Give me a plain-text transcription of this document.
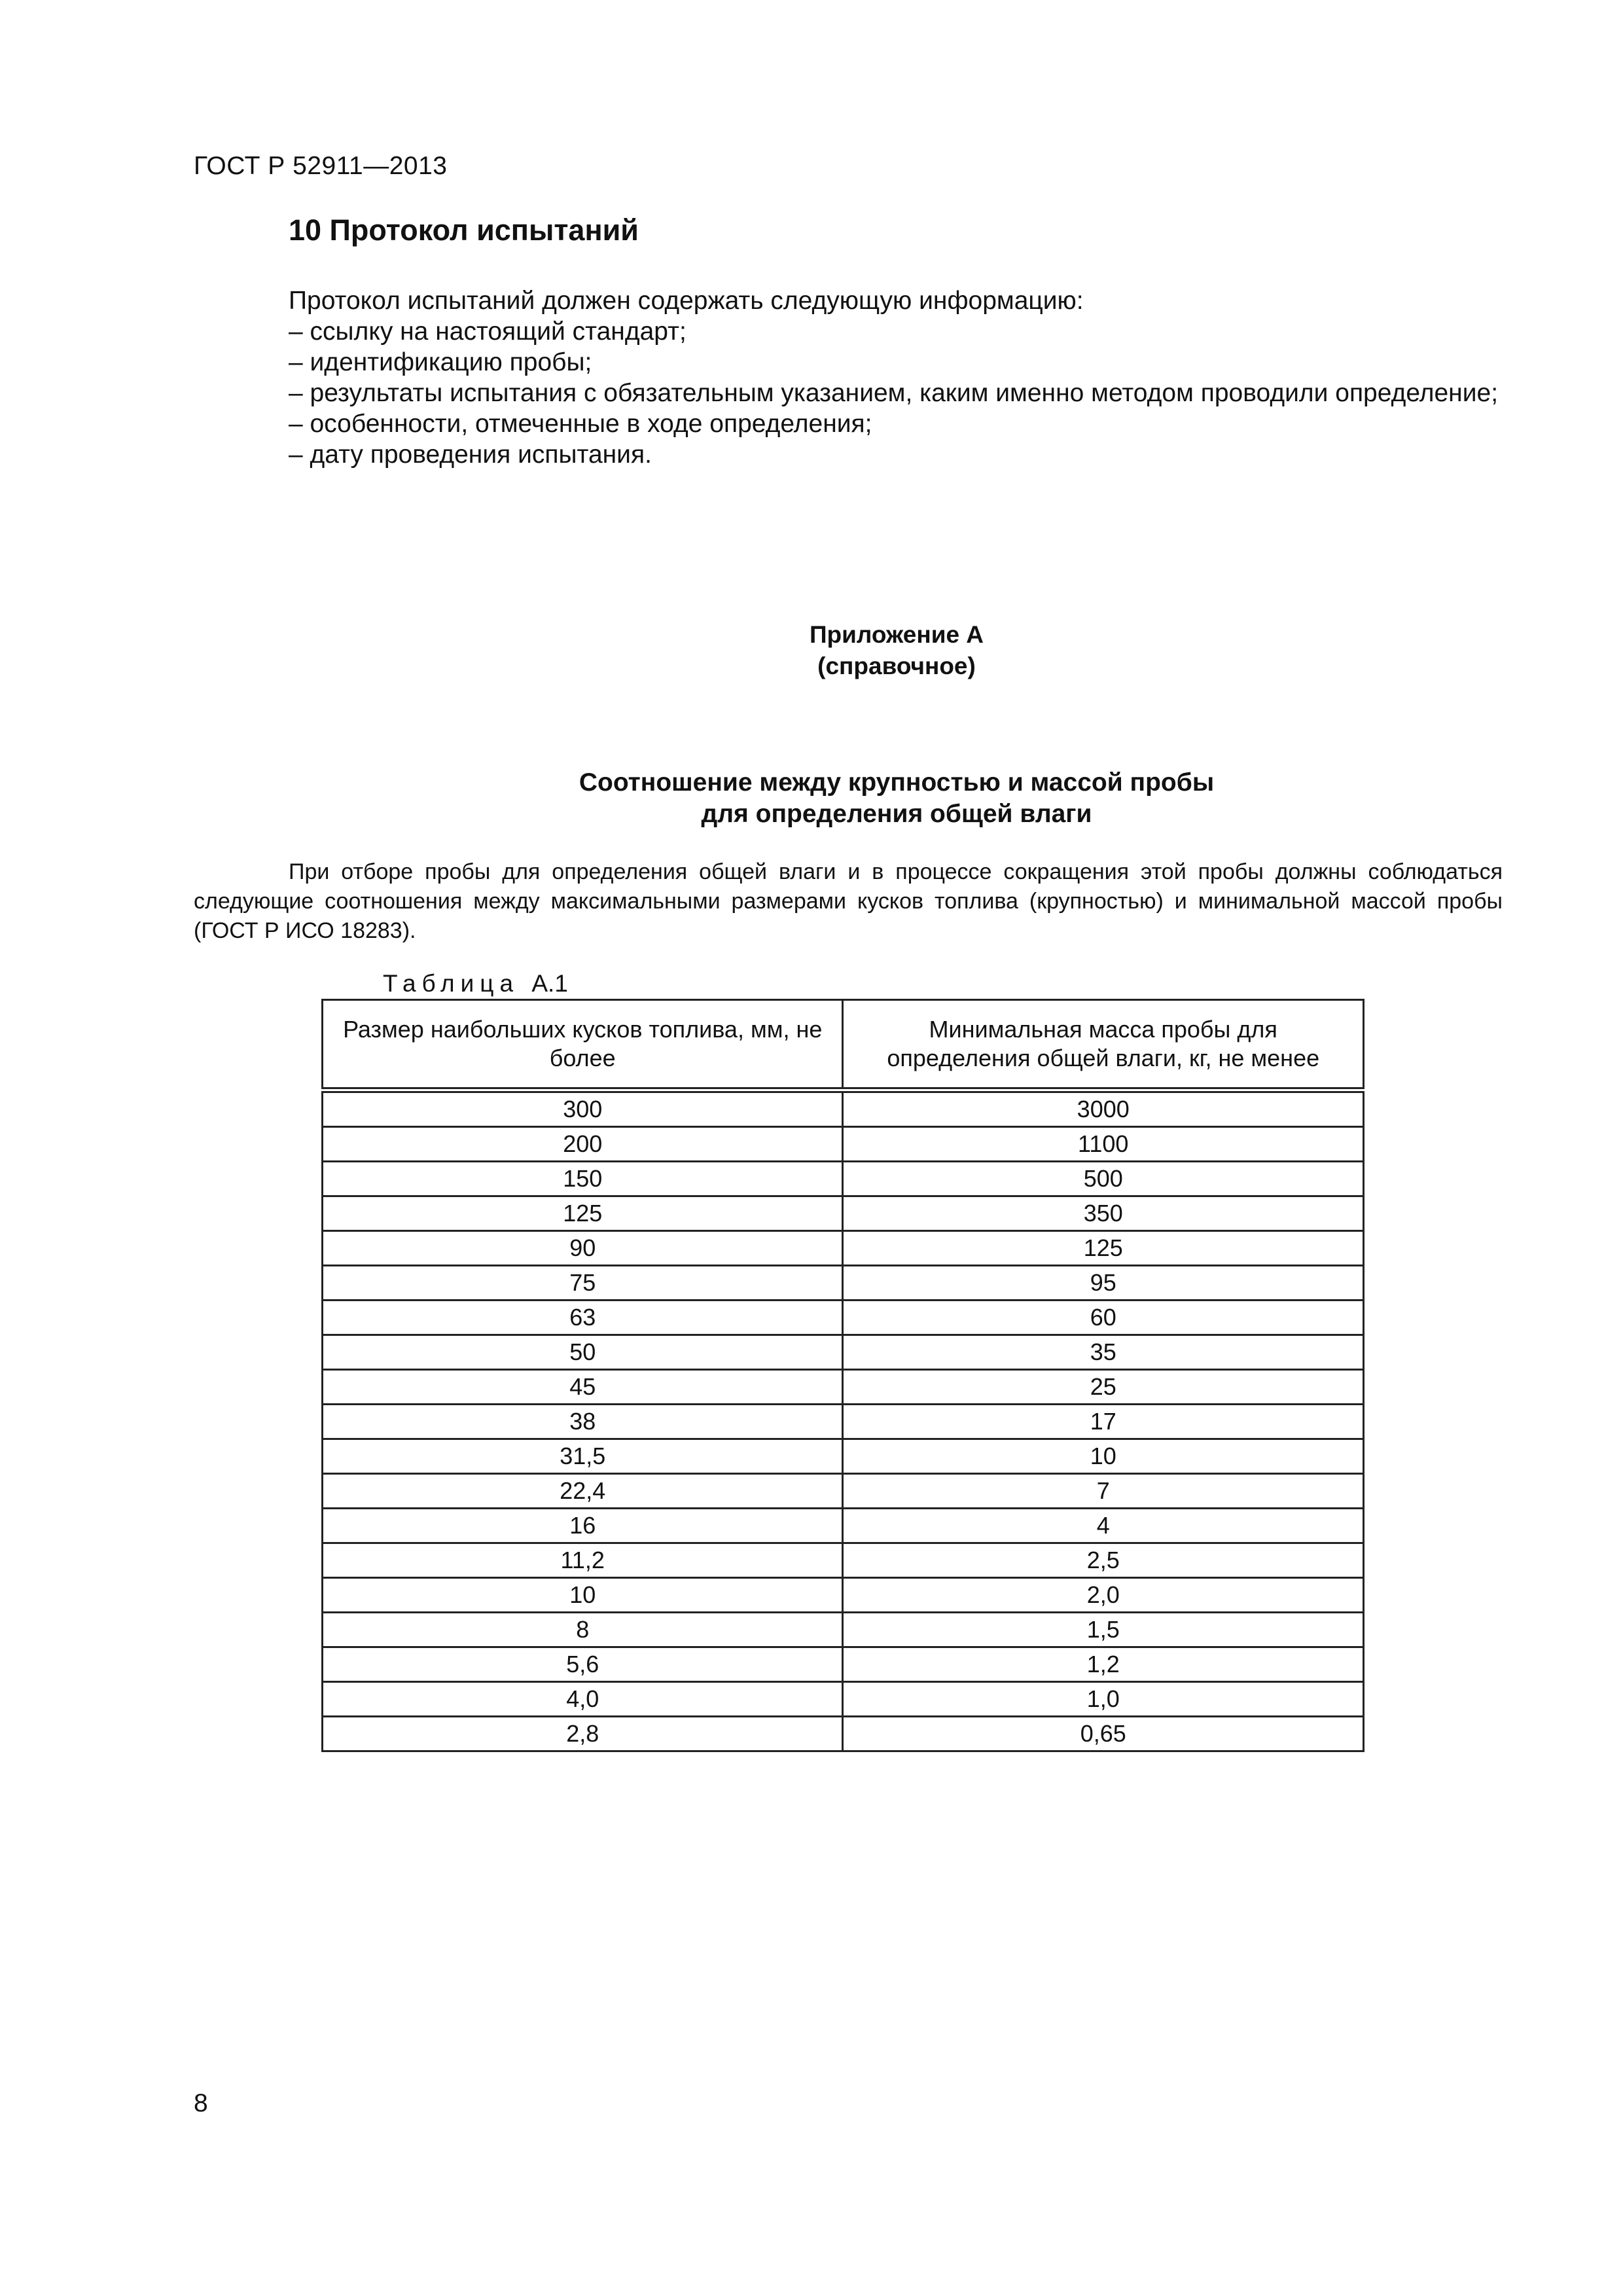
ГОСТ Р 52911—2013
10 Протокол испытаний

Протокол испытаний должен содержать следующую информацию:

– ссылку на настоящий стандарт;

– идентификацию пробы;

– результаты испытания с обязательным указанием, каким именно методом проводили определение;

– особенности, отмеченные в ходе определения;

– дату проведения испытания.

Приложение А
(справочное)
Соотношение между крупностью и массой пробы
для определения общей влаги
При отборе пробы для определения общей влаги и в процессе сокращения этой пробы должны соблюдаться следующие соотношения между максимальными размерами кусков топлива (крупностью) и минимальной массой пробы (ГОСТ Р ИСО 18283).
Таблица А.1
Размер наибольших кусков топлива, мм, не более	Минимальная масса пробы для определения общей влаги, кг, не менее
300	3000
200	1100
150	500
125	350
90	125
75	95
63	60
50	35
45	25
38	17
31,5	10
22,4	7
16	4
11,2	2,5
10	2,0
8	1,5
5,6	1,2
4,0	1,0
2,8	0,65
8
